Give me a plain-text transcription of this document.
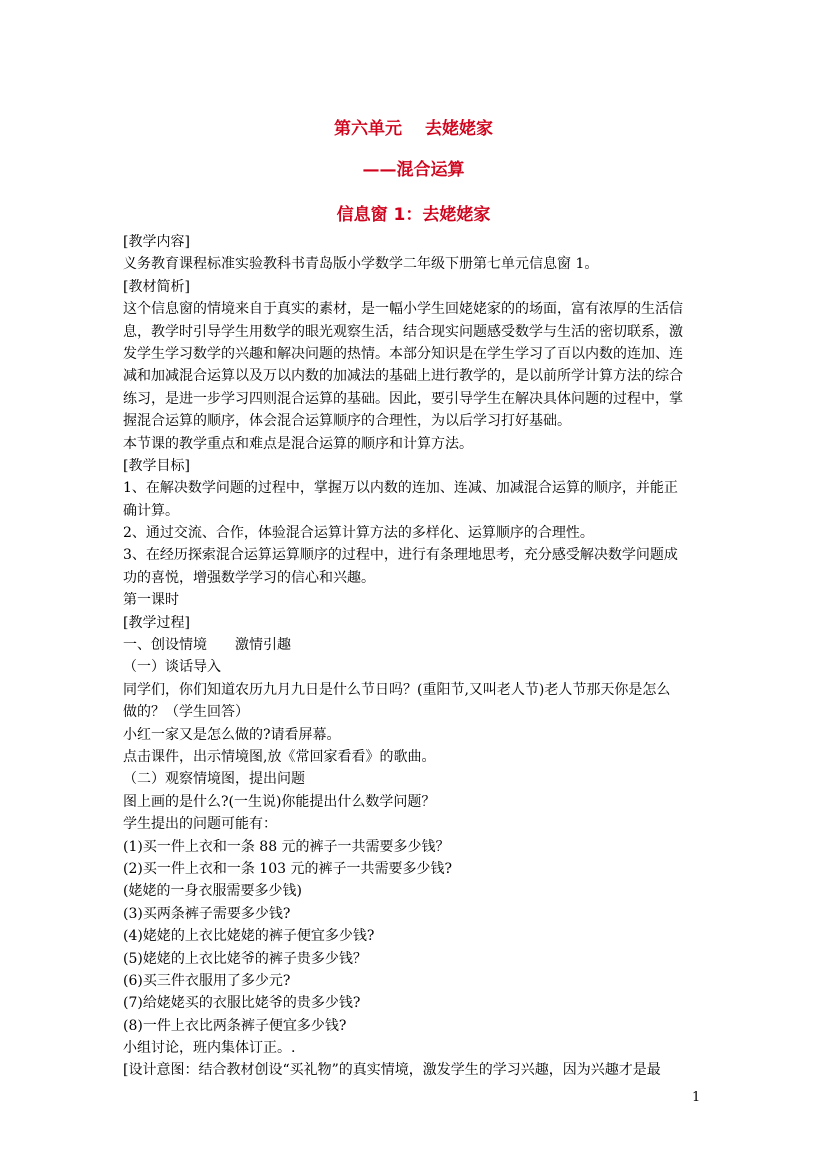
第六单元　 去姥姥家
——混合运算
信息窗 1：去姥姥家
[教学内容]
义务教育课程标准实验教科书青岛版小学数学二年级下册第七单元信息窗 1。
[教材简析]
这个信息窗的情境来自于真实的素材，是一幅小学生回姥姥家的的场面，富有浓厚的生活信
息，教学时引导学生用数学的眼光观察生活，结合现实问题感受数学与生活的密切联系，激
发学生学习数学的兴趣和解决问题的热情。本部分知识是在学生学习了百以内数的连加、连
减和加减混合运算以及万以内数的加减法的基础上进行教学的，是以前所学计算方法的综合
练习，是进一步学习四则混合运算的基础。因此，要引导学生在解决具体问题的过程中，掌
握混合运算的顺序，体会混合运算顺序的合理性，为以后学习打好基础。
本节课的教学重点和难点是混合运算的顺序和计算方法。
[教学目标]
1、在解决数学问题的过程中，掌握万以内数的连加、连减、加减混合运算的顺序，并能正
确计算。
2、通过交流、合作，体验混合运算计算方法的多样化、运算顺序的合理性。
3、在经历探索混合运算运算顺序的过程中，进行有条理地思考，充分感受解决数学问题成
功的喜悦，增强数学学习的信心和兴趣。
第一课时
[教学过程]
一、创设情境　　激情引趣
（一）谈话导入
同学们，你们知道农历九月九日是什么节日吗？(重阳节,又叫老人节)老人节那天你是怎么
做的？（学生回答）
小红一家又是怎么做的?请看屏幕。
点击课件，出示情境图,放《常回家看看》的歌曲。
（二）观察情境图，提出问题
图上画的是什么?(一生说)你能提出什么数学问题？
学生提出的问题可能有：
(1)买一件上衣和一条 88 元的裤子一共需要多少钱？
(2)买一件上衣和一条 103 元的裤子一共需要多少钱?
(姥姥的一身衣服需要多少钱)
(3)买两条裤子需要多少钱?
(4)姥姥的上衣比姥姥的裤子便宜多少钱?
(5)姥姥的上衣比姥爷的裤子贵多少钱？
(6)买三件衣服用了多少元?
(7)给姥姥买的衣服比姥爷的贵多少钱?
(8)一件上衣比两条裤子便宜多少钱?
小组讨论，班内集体订正。.
[设计意图：结合教材创设“买礼物”的真实情境，激发学生的学习兴趣，因为兴趣才是最
1
